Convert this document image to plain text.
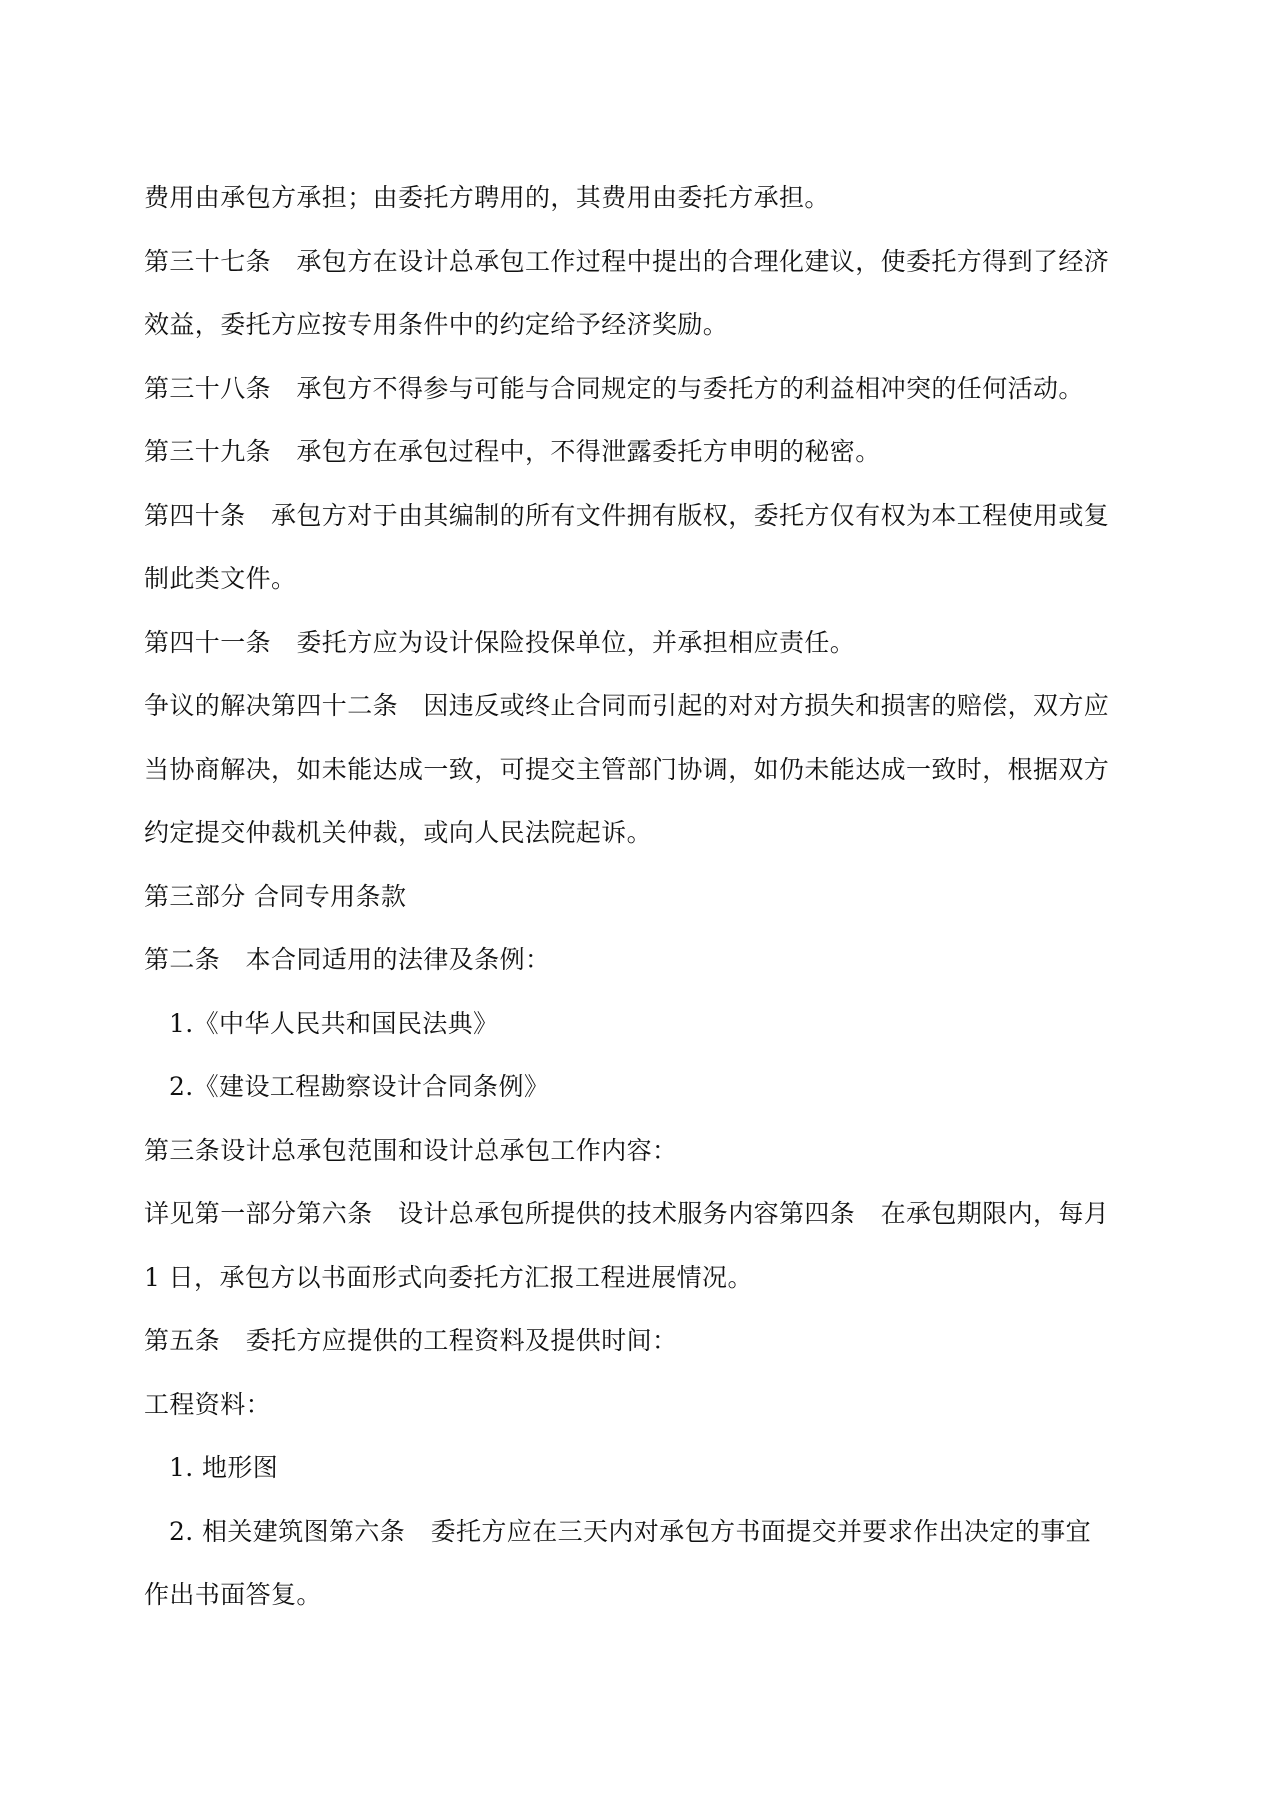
费用由承包方承担；由委托方聘用的，其费用由委托方承担。
第三十七条　承包方在设计总承包工作过程中提出的合理化建议，使委托方得到了经济
效益，委托方应按专用条件中的约定给予经济奖励。
第三十八条　承包方不得参与可能与合同规定的与委托方的利益相冲突的任何活动。
第三十九条　承包方在承包过程中，不得泄露委托方申明的秘密。
第四十条　承包方对于由其编制的所有文件拥有版权，委托方仅有权为本工程使用或复
制此类文件。
第四十一条　委托方应为设计保险投保单位，并承担相应责任。
争议的解决第四十二条　因违反或终止合同而引起的对对方损失和损害的赔偿，双方应
当协商解决，如未能达成一致，可提交主管部门协调，如仍未能达成一致时，根据双方
约定提交仲裁机关仲裁，或向人民法院起诉。
第三部分 合同专用条款
第二条　本合同适用的法律及条例：
1.《中华人民共和国民法典》
2.《建设工程勘察设计合同条例》
第三条设计总承包范围和设计总承包工作内容：
详见第一部分第六条　设计总承包所提供的技术服务内容第四条　在承包期限内，每月
1 日，承包方以书面形式向委托方汇报工程进展情况。
第五条　委托方应提供的工程资料及提供时间：
工程资料：
1. 地形图
2. 相关建筑图第六条　委托方应在三天内对承包方书面提交并要求作出决定的事宜
作出书面答复。
